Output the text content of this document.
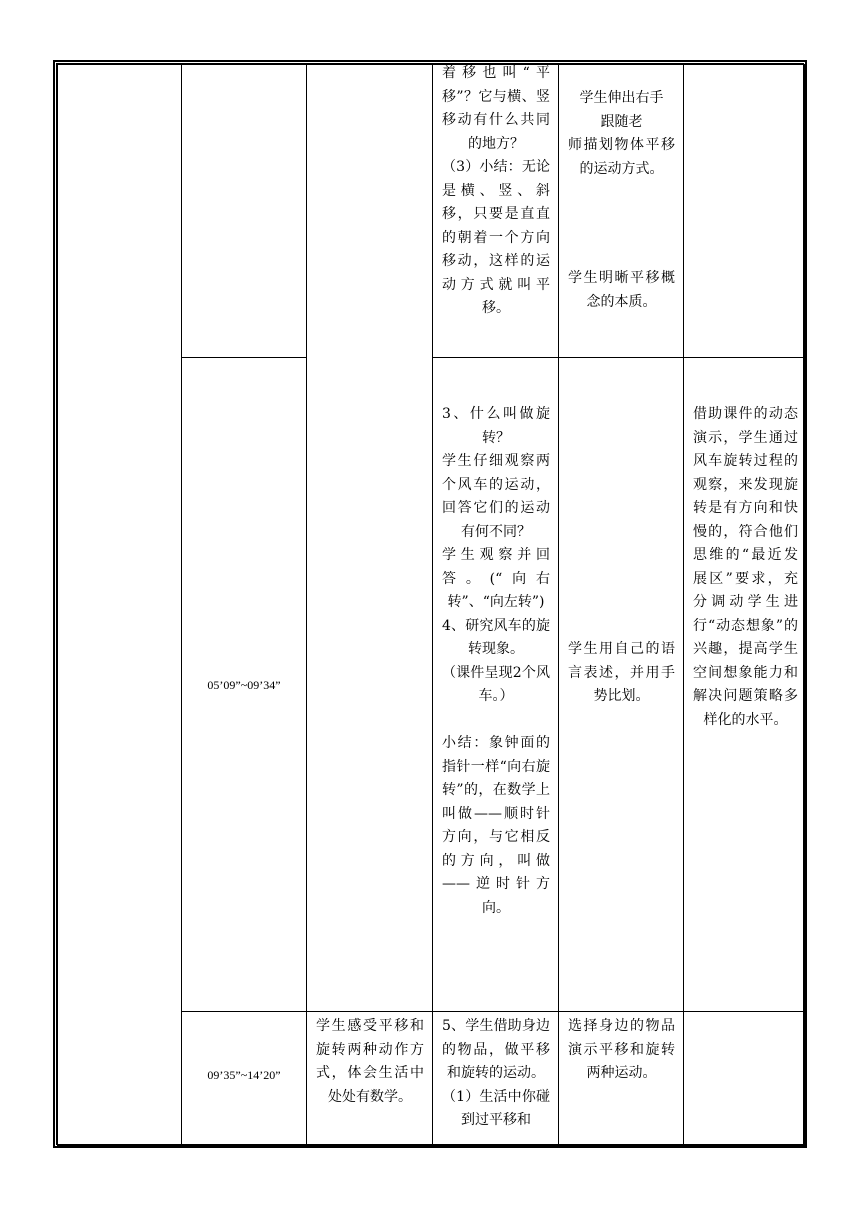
05’09”~09’34”
09’35”~14’20”
学生感受平移和旋转两种动作方式，体会生活中处处有数学。
着移也叫“平移”？它与横、竖移动有什么共同的地方？
（3）小结：无论是横、竖、斜移，只要是直直的朝着一个方向移动，这样的运动方式就叫平移。
3、什么叫做旋转？
学生仔细观察两个风车的运动，回答它们的运动有何不同？
学生观察并回答。(“向右转”、“向左转”)
4、研究风车的旋转现象。
（课件呈现2个风车。）

小结：象钟面的指针一样“向右旋转”的，在数学上叫做——顺时针方向，与它相反的方向，叫做——逆时针方向。
5、学生借助身边的物品，做平移和旋转的运动。
（1）生活中你碰到过平移和
学生伸出右手
跟随老
师描划物体平移的运动方式。
学生明晰平移概念的本质。
学生用自己的语言表述，并用手势比划。
选择身边的物品演示平移和旋转两种运动。
借助课件的动态演示，学生通过风车旋转过程的观察，来发现旋转是有方向和快慢的，符合他们思维的“最近发展区”要求，充分调动学生进行“动态想象”的兴趣，提高学生空间想象能力和解决问题策略多样化的水平。
